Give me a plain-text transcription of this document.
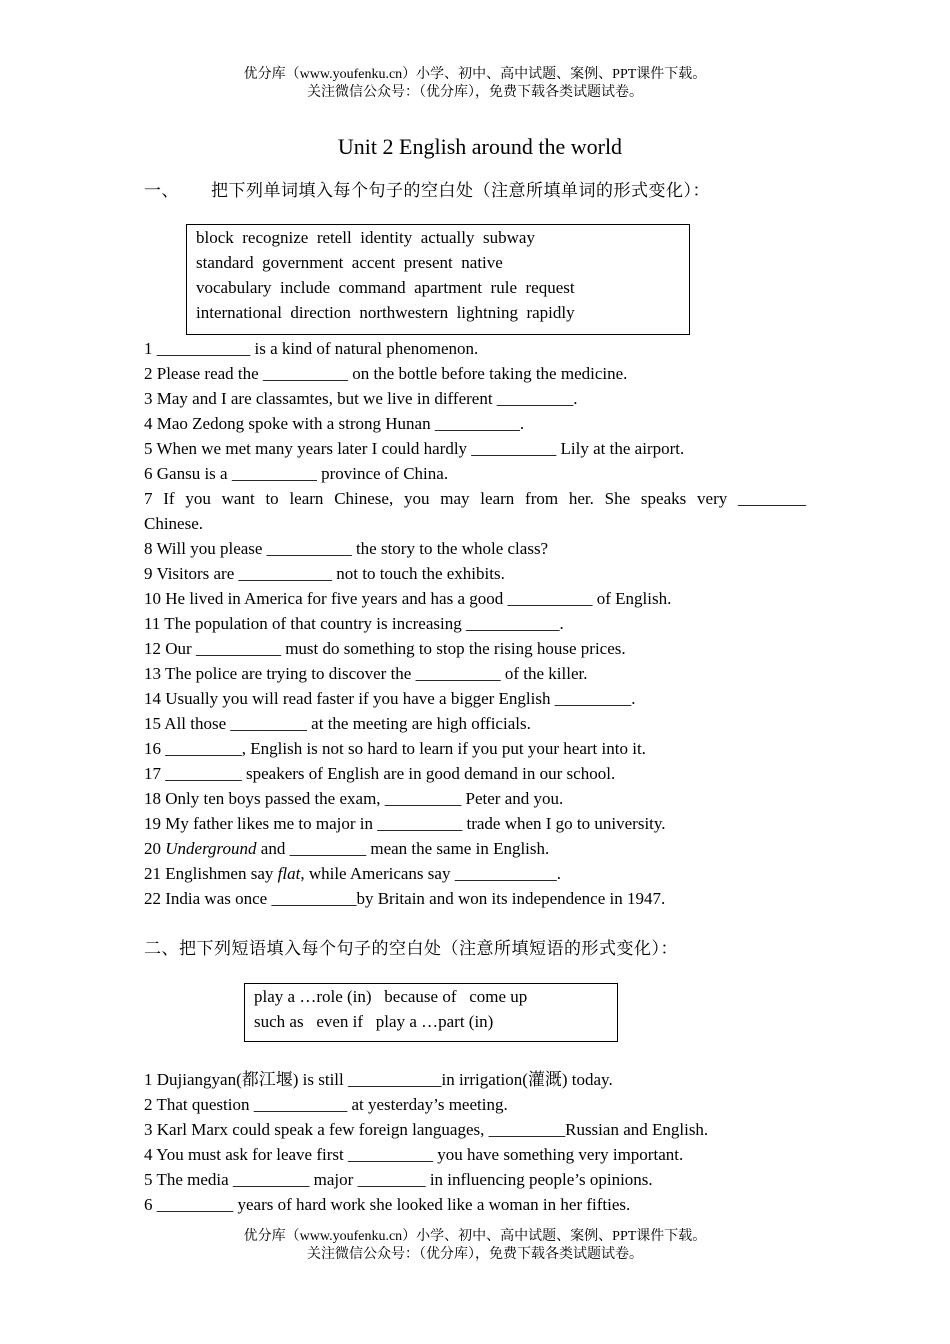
优分库（www.youfenku.cn）小学、初中、高中试题、案例、PPT课件下载。
关注微信公众号：（优分库），免费下载各类试题试卷。
Unit 2 English around the world
一、 把下列单词填入每个句子的空白处（注意所填单词的形式变化）：
block  recognize  retell  identity  actually  subway
standard  government  accent  present  native
vocabulary  include  command  apartment  rule  request
international  direction  northwestern  lightning  rapidly
1 ___________ is a kind of natural phenomenon.
2 Please read the __________ on the bottle before taking the medicine.
3 May and I are classamtes, but we live in different _________.
4 Mao Zedong spoke with a strong Hunan __________.
5 When we met many years later I could hardly __________ Lily at the airport.
6 Gansu is a __________ province of China.
7 If you want to learn Chinese, you may learn from her. She speaks very ________
Chinese.
8 Will you please __________ the story to the whole class?
9 Visitors are ___________ not to touch the exhibits.
10 He lived in America for five years and has a good __________ of English.
11 The population of that country is increasing ___________.
12 Our __________ must do something to stop the rising house prices.
13 The police are trying to discover the __________ of the killer.
14 Usually you will read faster if you have a bigger English _________.
15 All those _________ at the meeting are high officials.
16 _________, English is not so hard to learn if you put your heart into it.
17 _________ speakers of English are in good demand in our school.
18 Only ten boys passed the exam, _________ Peter and you.
19 My father likes me to major in __________ trade when I go to university.
20 Underground and _________ mean the same in English.
21 Englishmen say flat, while Americans say ____________.
22 India was once __________by Britain and won its independence in 1947.
二、把下列短语填入每个句子的空白处（注意所填短语的形式变化）：
play a …role (in)   because of   come up
such as   even if   play a …part (in)
1 Dujiangyan(都江堰) is still ___________in irrigation(灌溉) today.
2 That question ___________ at yesterday’s meeting.
3 Karl Marx could speak a few foreign languages, _________Russian and English.
4 You must ask for leave first __________ you have something very important.
5 The media _________ major ________ in influencing people’s opinions.
6 _________ years of hard work she looked like a woman in her fifties.
优分库（www.youfenku.cn）小学、初中、高中试题、案例、PPT课件下载。
关注微信公众号：（优分库），免费下载各类试题试卷。
